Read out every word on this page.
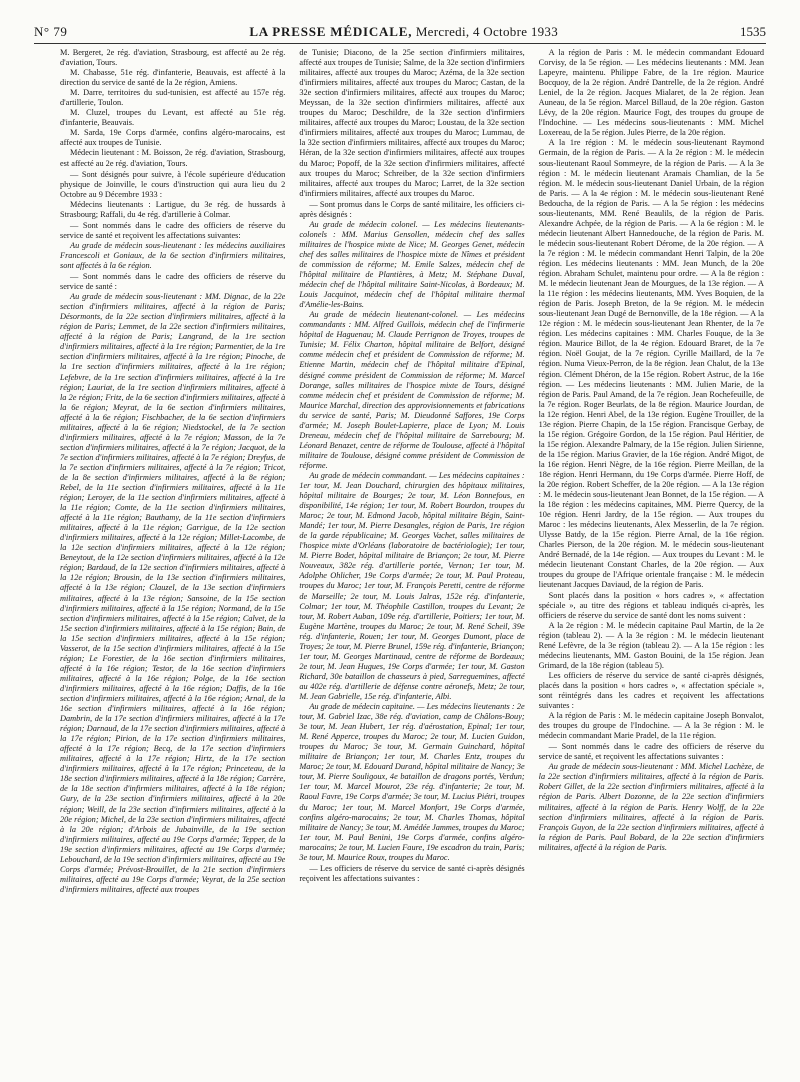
N° 79	LA PRESSE MÉDICALE, Mercredi, 4 Octobre 1933	1535

M. Bergeret, 2e rég. d'aviation, Strasbourg, est affecté au 2e rég. d'aviation, Tours.

M. Chabasse, 51e rég. d'infanterie, Beauvais, est affecté à la direction du service de santé de la 2e région, Amiens.

M. Darre, territoires du sud-tunisien, est affecté au 157e rég. d'artillerie, Toulon.

M. Cluzel, troupes du Levant, est affecté au 51e rég. d'infanterie, Beauvais.

M. Sarda, 19e Corps d'armée, confins algéro-marocains, est affecté aux troupes de Tunisie.

Médecin lieutenant : M. Boisson, 2e rég. d'aviation, Strasbourg, est affecté au 2e rég. d'aviation, Tours.

— Sont désignés pour suivre, à l'école supérieure d'éducation physique de Joinville, le cours d'instruction qui aura lieu du 2 Octobre au 9 Décembre 1933 :

Médecins lieutenants : Lartigue, du 3e rég. de hussards à Strasbourg; Raffali, du 4e rég. d'artillerie à Colmar.

— Sont nommés dans le cadre des officiers de réserve du service de santé et reçoivent les affectations suivantes:

Au grade de médecin sous-lieutenant : les médecins auxiliaires Francescoli et Goniaux, de la 6e section d'infirmiers militaires, sont affectés à la 6e région.

— Sont nommés dans le cadre des officiers de réserve du service de santé :

Au grade de médecin sous-lieutenant : MM. Dignac, de la 22e section d'infirmiers militaires, affecté à la région de Paris; Désormonts, de la 22e section d'infirmiers militaires, affecté à la région de Paris; Lemmet, de la 22e section d'infirmiers militaires, affecté à la région de Paris; Langrand, de la 1re section d'infirmiers militaires, affecté à la 1re région; Parmentier, de la 1re section d'infirmiers militaires, affecté à la 1re région; Pinoche, de la 1re section d'infirmiers militaires, affecté à la 1re région; Lefebvre, de la 1re section d'infirmiers militaires, affecté à la 1re région; Lauriat, de la 1re section d'infirmiers militaires, affecté à la 2e région; Fritz, de la 6e section d'infirmiers militaires, affecté à la 6e région; Meyrat, de la 6e section d'infirmiers militaires, affecté à la 6e région; Fischbacher, de la 6e section d'infirmiers militaires, affecté à la 6e région; Niedstockel, de la 7e section d'infirmiers militaires, affecté à la 7e région; Masson, de la 7e section d'infirmiers militaires, affecté à la 7e région; Jacquot, de la 7e section d'infirmiers militaires, affecté à la 7e région; Dreyfus, de la 7e section d'infirmiers militaires, affecté à la 7e région; Tricot, de la 8e section d'infirmiers militaires, affecté à la 8e région; Rebel, de la 11e section d'infirmiers militaires, affecté à la 11e région; Leroyer, de la 11e section d'infirmiers militaires, affecté à la 11e région; Comte, de la 11e section d'infirmiers militaires, affecté à la 11e région; Bauthamy, de la 11e section d'infirmiers militaires, affecté à la 11e région; Garrigue, de la 12e section d'infirmiers militaires, affecté à la 12e région; Millet-Lacombe, de la 12e section d'infirmiers militaires, affecté à la 12e région; Beneytout, de la 12e section d'infirmiers militaires, affecté à la 12e région; Bardaud, de la 12e section d'infirmiers militaires, affecté à la 12e région; Brousin, de la 13e section d'infirmiers militaires, affecté à la 13e région; Clauzel, de la 13e section d'infirmiers militaires, affecté à la 13e région; Sansoine, de la 15e section d'infirmiers militaires, affecté à la 15e région; Normand, de la 15e section d'infirmiers militaires, affecté à la 15e région; Calvet, de la 15e section d'infirmiers militaires, affecté à la 15e région; Bain, de la 15e section d'infirmiers militaires, affecté à la 15e région; Vasserot, de la 15e section d'infirmiers militaires, affecté à la 15e région; Le Forestier, de la 16e section d'infirmiers militaires, affecté à la 16e région; Testor, de la 16e section d'infirmiers militaires, affecté à la 16e région; Polge, de la 16e section d'infirmiers militaires, affecté à la 16e région; Daffis, de la 16e section d'infirmiers militaires, affecté à la 16e région; Arnal, de la 16e section d'infirmiers militaires, affecté à la 16e région; Dambrin, de la 17e section d'infirmiers militaires, affecté à la 17e région; Darnaud, de la 17e section d'infirmiers militaires, affecté à la 17e région; Pirion, de la 17e section d'infirmiers militaires, affecté à la 17e région; Becq, de la 17e section d'infirmiers militaires, affecté à la 17e région; Hirtz, de la 17e section d'infirmiers militaires, affecté à la 17e région; Princeteau, de la 18e section d'infirmiers militaires, affecté à la 18e région; Carrère, de la 18e section d'infirmiers militaires, affecté à la 18e région; Gury, de la 23e section d'infirmiers militaires, affecté à la 20e région; Weill, de la 23e section d'infirmiers militaires, affecté à la 20e région; Michel, de la 23e section d'infirmiers militaires, affecté à la 20e région; d'Arbois de Jubainville, de la 19e section d'infirmiers militaires, affecté au 19e Corps d'armée; Tepper, de la 19e section d'infirmiers militaires, affecté au 19e Corps d'armée; Lebouchard, de la 19e section d'infirmiers militaires, affecté au 19e Corps d'armée; Prévost-Brouillet, de la 21e section d'infirmiers militaires, affecté au 19e Corps d'armée; Veyrat, de la 25e section d'infirmiers militaires, affecté aux troupes

de Tunisie; Diacono, de la 25e section d'infirmiers militaires, affecté aux troupes de Tunisie; Salme, de la 32e section d'infirmiers militaires, affecté aux troupes du Maroc; Azéma, de la 32e section d'infirmiers militaires, affecté aux troupes du Maroc; Castan, de la 32e section d'infirmiers militaires, affecté aux troupes du Maroc; Meyssan, de la 32e section d'infirmiers militaires, affecté aux troupes du Maroc; Deschildre, de la 32e section d'infirmiers militaires, affecté aux troupes du Maroc; Loustau, de la 32e section d'infirmiers militaires, affecté aux troupes du Maroc; Lummau, de la 32e section d'infirmiers militaires, affecté aux troupes du Maroc; Héran, de la 32e section d'infirmiers militaires, affecté aux troupes du Maroc; Popoff, de la 32e section d'infirmiers militaires, affecté aux troupes du Maroc; Schreiber, de la 32e section d'infirmiers militaires, affecté aux troupes du Maroc; Larret, de la 32e section d'infirmiers militaires, affecté aux troupes du Maroc.

— Sont promus dans le Corps de santé militaire, les officiers ci-après désignés :

Au grade de médecin colonel. — Les médecins lieutenants-colonels : MM. Marius Gensollen, médecin chef des salles militaires de l'hospice mixte de Nice; M. Georges Genet, médecin chef des salles militaires de l'hospice mixte de Nîmes et président de commission de réforme; M. Emile Salzes, médecin chef de l'hôpital militaire de Plantières, à Metz; M. Stéphane Duval, médecin chef de l'hôpital militaire Saint-Nicolas, à Bordeaux; M. Louis Jacquinot, médecin chef de l'hôpital militaire thermal d'Amélie-les-Bains.

Au grade de médecin lieutenant-colonel. — Les médecins commandants : MM. Alfred Guillois, médecin chef de l'infirmerie hôpital de Haguenau; M. Claude Perrignon de Troyes, troupes de Tunisie; M. Félix Charton, hôpital militaire de Belfort, désigné comme médecin chef et président de Commission de réforme; M. Etienne Martin, médecin chef de l'hôpital militaire d'Epinal, désigné comme président de Commission de réforme; M. Marcel Dorange, salles militaires de l'hospice mixte de Tours, désigné comme médecin chef et président de Commission de réforme; M. Maurice Marchal, direction des approvisionnements et fabrications du service de santé, Paris; M. Dieudonné Saffores, 19e Corps d'armée; M. Joseph Boulet-Lapierre, place de Lyon; M. Louis Dreneau, médecin chef de l'hôpital militaire de Sarrebourg; M. Léonard Benazet, centre de réforme de Toulouse, affecté à l'hôpital militaire de Toulouse, désigné comme président de Commission de réforme.

Au grade de médecin commandant. — Les médecins capitaines : 1er tour, M. Jean Douchard, chirurgien des hôpitaux militaires, hôpital militaire de Bourges; 2e tour, M. Léon Bonnefous, en disponibilité, 14e région; 1er tour, M. Robert Bourdon, troupes du Maroc; 2e tour, M. Edmond Jacob, hôpital militaire Bégin, Saint-Mandé; 1er tour, M. Pierre Desangles, région de Paris, 1re région de la garde républicaine; M. Georges Vachet, salles militaires de l'hospice mixte d'Orléans (laboratoire de bactériologie); 1er tour, M. Pierre Bodet, hôpital militaire de Briançon; 2e tour, M. Pierre Nouveaux, 382e rég. d'artillerie portée, Vernon; 1er tour, M. Adolphe Ohlicher, 19e Corps d'armée; 2e tour, M. Paul Proteau, troupes du Maroc; 1er tour, M. François Peretti, centre de réforme de Marseille; 2e tour, M. Louis Jalras, 152e rég. d'infanterie, Colmar; 1er tour, M. Théophile Castillon, troupes du Levant; 2e tour, M. Robert Auban, 109e rég. d'artillerie, Poitiers; 1er tour, M. Eugène Martène, troupes du Maroc; 2e tour, M. René Scheil, 39e rég. d'infanterie, Rouen; 1er tour, M. Georges Dumont, place de Troyes; 2e tour, M. Pierre Brunel, 159e rég. d'infanterie, Briançon; 1er tour, M. Georges Martinaud, centre de réforme de Bordeaux; 2e tour, M. Jean Hugues, 19e Corps d'armée; 1er tour, M. Gaston Richard, 30e bataillon de chasseurs à pied, Sarreguemines, affecté au 402e rég. d'artillerie de défense contre aéronefs, Metz; 2e tour, M. Jean Gabrielle, 15e rég. d'infanterie, Albi.

Au grade de médecin capitaine. — Les médecins lieutenants : 2e tour, M. Gabriel Izac, 38e rég. d'aviation, camp de Châlons-Bouy; 3e tour, M. Jean Hubert, 1er rég. d'aérostation, Epinal; 1er tour, M. René Apperce, troupes du Maroc; 2e tour, M. Lucien Guidon, troupes du Maroc; 3e tour, M. Germain Guinchard, hôpital militaire de Briançon; 1er tour, M. Charles Entz, troupes du Maroc; 2e tour, M. Edouard Durand, hôpital militaire de Nancy; 3e tour, M. Pierre Souligoux, 4e bataillon de dragons portés, Verdun; 1er tour, M. Marcel Mourot, 23e rég. d'infanterie; 2e tour, M. Raoul Favre, 19e Corps d'armée; 3e tour, M. Lucius Piétri, troupes du Maroc; 1er tour, M. Marcel Monfort, 19e Corps d'armée, confins algéro-marocains; 2e tour, M. Charles Thomas, hôpital militaire de Nancy; 3e tour, M. Amédée Jammes, troupes du Maroc; 1er tour, M. Paul Benini, 19e Corps d'armée, confins algéro-marocains; 2e tour, M. Lucien Faure, 19e escadron du train, Paris; 3e tour, M. Maurice Roux, troupes du Maroc.

— Les officiers de réserve du service de santé ci-après désignés reçoivent les affectations suivantes :

A la région de Paris : M. le médecin commandant Edouard Corvisy, de la 5e région. — Les médecins lieutenants : MM. Jean Lapeyre, maintenu. Philippe Fabre, de la 1re région. Maurice Bocquoy, de la 2e région. André Dantrelle, de la 2e région. André Leniel, de la 2e région. Jacques Mialaret, de la 2e région. Jean Auneau, de la 5e région. Marcel Billaud, de la 20e région. Gaston Lévy, de la 20e région. Maurice Fogt, des troupes du groupe de l'Indochine. — Les médecins sous-lieutenants : MM. Michel Loxereau, de la 5e région. Jules Pierre, de la 20e région.

A la 1re région : M. le médecin sous-lieutenant Raymond Germain, de la région de Paris. — A la 2e région : M. le médecin sous-lieutenant Raoul Sommeyre, de la région de Paris. — A la 3e région : M. le médecin lieutenant Aramais Chamlian, de la 5e région. M. le médecin sous-lieutenant Daniel Urbain, de la région de Paris. — A la 4e région : M. le médecin sous-lieutenant René Bedoucha, de la région de Paris. — A la 5e région : les médecins sous-lieutenants, MM. René Beaulils, de la région de Paris. Alexandre Achpée, de la région de Paris. — A la 6e région : M. le médecin lieutenant Albert Hannedouche, de la région de Paris. M. le médecin sous-lieutenant Robert Dérome, de la 20e région. — A la 7e région : M. le médecin commandant Henri Talpin, de la 20e région. Les médecins lieutenants : MM. Jean Munch, de la 20e région. Abraham Schulet, maintenu pour ordre. — A la 8e région : M. le médecin lieutenant Jean de Mourgues, de la 13e région. — A la 11e région : les médecins lieutenants, MM. Yves Boquien, de la région de Paris. Joseph Breton, de la 9e région. M. le médecin sous-lieutenant Jean Dugé de Bernonville, de la 18e région. — A la 12e région : M. le médecin sous-lieutenant Jean Rhenter, de la 7e région. Les médecins capitaines : MM. Charles Fouque, de la 3e région. Maurice Billot, de la 4e région. Edouard Braret, de la 7e région. Noël Goujat, de la 7e région. Cyrille Maillard, de la 7e région. Numa Vieux-Perron, de la 8e région. Jean Chalut, de la 13e région. Clément Dhéron, de la 15e région. Robert Astruc, de la 16e région. — Les médecins lieutenants : MM. Julien Marie, de la région de Paris. Paul Amand, de la 7e région. Jean Rochefeuille, de la 7e région. Roger Beurlats, de la 8e région. Maurice Jourdan, de la 12e région. Henri Abel, de la 13e région. Eugène Trouiller, de la 13e région. Pierre Chapin, de la 15e région. Francisque Gerbay, de la 15e région. Grégoire Gordon, de la 15e région. Paul Héritier, de la 15e région. Alexandre Palmary, de la 15e région. Julien Sirienne, de la 15e région. Marius Gravier, de la 16e région. André Migot, de la 16e région. Henri Nègre, de la 16e région. Pierre Meillan, de la 18e région. Henri Hermann, du 19e Corps d'armée. Pierre Hoff, de la 20e région. Robert Scheffer, de la 20e région. — A la 13e région : M. le médecin sous-lieutenant Jean Bonnet, de la 15e région. — A la 18e région : les médecins capitaines, MM. Pierre Quercy, de la 10e région. Henri Jardry, de la 15e région. — Aux troupes du Maroc : les médecins lieutenants, Alex Messerlin, de la 7e région. Ulysse Batdy, de la 15e région. Pierre Arnal, de la 16e région. Charles Pierson, de la 20e région. M. le médecin sous-lieutenant André Bernadé, de la 14e région. — Aux troupes du Levant : M. le médecin lieutenant Constant Charles, de la 20e région. — Aux troupes du groupe de l'Afrique orientale française : M. le médecin lieutenant Jacques Daviaud, de la région de Paris.

Sont placés dans la position « hors cadres », « affectation spéciale », au titre des régions et tableau indiqués ci-après, les officiers de réserve du service de santé dont les noms suivent :

A la 2e région : M. le médecin capitaine Paul Martin, de la 2e région (tableau 2). — A la 3e région : M. le médecin lieutenant René Lefèvre, de la 3e région (tableau 2). — A la 15e région : les médecins lieutenants, MM. Gaston Bouini, de la 15e région. Jean Grimard, de la 18e région (tableau 5).

Les officiers de réserve du service de santé ci-après désignés, placés dans la position « hors cadres », « affectation spéciale », sont réintégrés dans les cadres et reçoivent les affectations suivantes :

A la région de Paris : M. le médecin capitaine Joseph Bonvalot, des troupes du groupe de l'Indochine. — A la 3e région : M. le médecin commandant Marie Pradel, de la 11e région.

— Sont nommés dans le cadre des officiers de réserve du service de santé, et reçoivent les affectations suivantes :

Au grade de médecin sous-lieutenant : MM. Michel Lachèze, de la 22e section d'infirmiers militaires, affecté à la région de Paris. Robert Gillet, de la 22e section d'infirmiers militaires, affecté à la région de Paris. Albert Dozonne, de la 22e section d'infirmiers militaires, affecté à la région de Paris. Henry Wolff, de la 22e section d'infirmiers militaires, affecté à la région de Paris. François Guyon, de la 22e section d'infirmiers militaires, affecté à la région de Paris. Paul Bobard, de la 22e section d'infirmiers militaires, affecté à la région de Paris.
